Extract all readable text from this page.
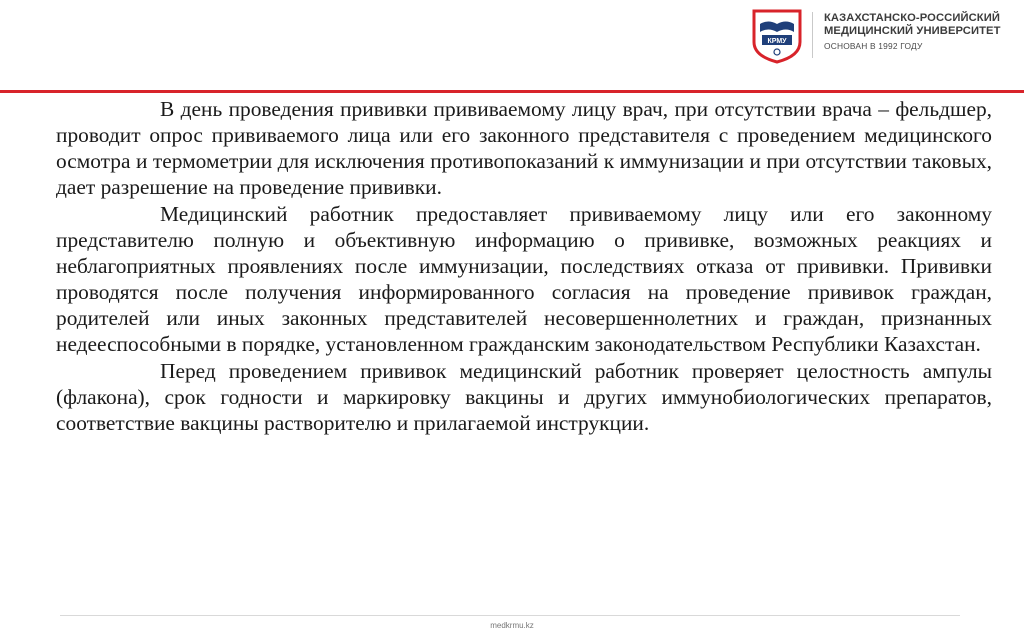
КРМУ
КАЗАХСТАНСКО-РОССИЙСКИЙ
МЕДИЦИНСКИЙ УНИВЕРСИТЕТ
ОСНОВАН В 1992 ГОДУ

В день проведения прививки прививаемому лицу врач, при отсутствии врача – фельдшер, проводит опрос прививаемого лица или его законного представителя с проведением медицинского осмотра и термометрии для исключения противопоказаний к иммунизации и при отсутствии таковых, дает разрешение на проведение прививки.

Медицинский работник предоставляет прививаемому лицу или его законному представителю полную и объективную информацию о прививке, возможных реакциях и неблагоприятных проявлениях после иммунизации, последствиях отказа от прививки. Прививки проводятся после получения информированного согласия на проведение прививок граждан, родителей или иных законных представителей несовершеннолетних и граждан, признанных недееспособными в порядке, установленном гражданским законодательством Республики Казахстан.

Перед проведением прививок медицинский работник проверяет целостность ампулы (флакона), срок годности и маркировку вакцины и других иммунобиологических препаратов, соответствие вакцины растворителю и прилагаемой инструкции.

medkrmu.kz
